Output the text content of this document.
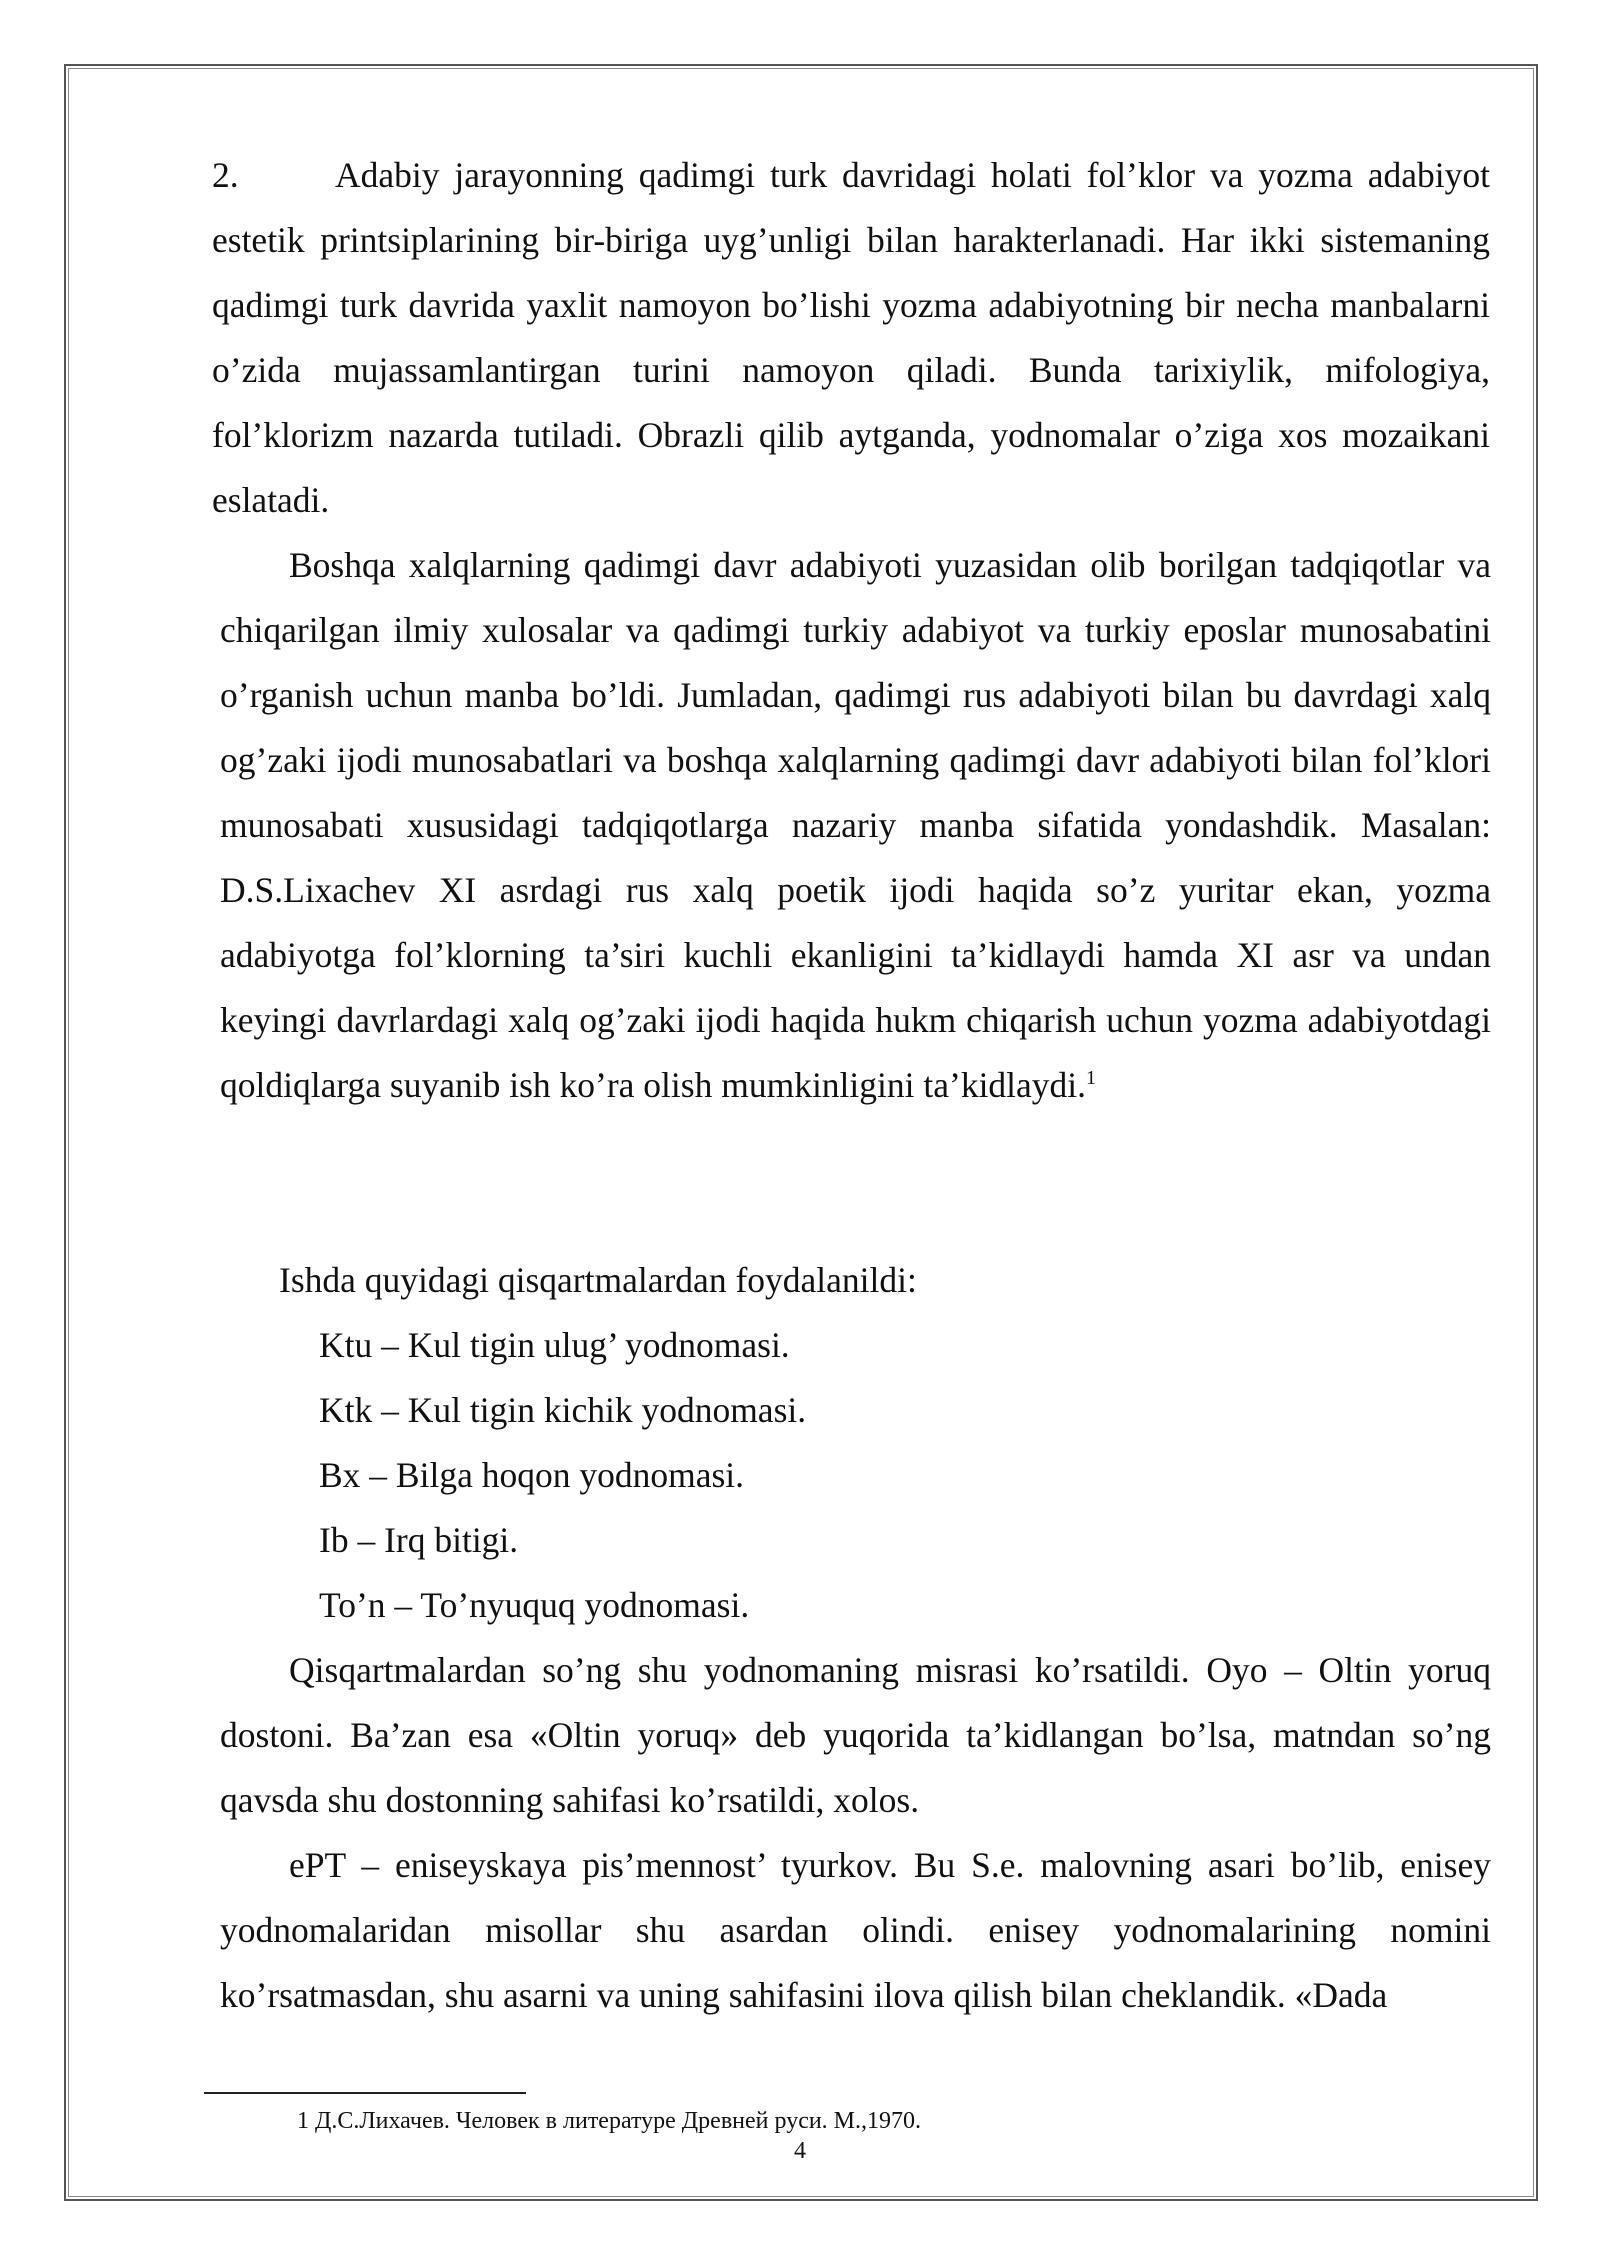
2.	Adabiy jarayonning qadimgi turk davridagi holati fol’klor va yozma adabiyot estetik printsiplarining bir-biriga uyg’unligi bilan harakterlanadi. Har ikki sistemaning qadimgi turk davrida yaxlit namoyon bo’lishi yozma adabiyotning bir necha manbalarni o’zida mujassamlantirgan turini namoyon qiladi. Bunda tarixiylik, mifologiya, fol’klorizm nazarda tutiladi. Obrazli qilib aytganda, yodnomalar o’ziga xos mozaikani eslatadi.

Boshqa xalqlarning qadimgi davr adabiyoti yuzasidan olib borilgan tadqiqotlar va chiqarilgan ilmiy xulosalar va qadimgi turkiy adabiyot va turkiy eposlar munosabatini o’rganish uchun manba bo’ldi. Jumladan, qadimgi rus adabiyoti bilan bu davrdagi xalq og’zaki ijodi munosabatlari va boshqa xalqlarning qadimgi davr adabiyoti bilan fol’klori munosabati xususidagi tadqiqotlarga nazariy manba sifatida yondashdik. Masalan: D.S.Lixachev XI asrdagi rus xalq poetik ijodi haqida so’z yuritar ekan, yozma adabiyotga fol’klorning ta’siri kuchli ekanligini ta’kidlaydi hamda XI asr va undan keyingi davrlardagi xalq og’zaki ijodi haqida hukm chiqarish uchun yozma adabiyotdagi qoldiqlarga suyanib ish ko’ra olish mumkinligini ta’kidlaydi.$^1$

Ishda quyidagi qisqartmalardan foydalanildi:

Ktu – Kul tigin ulug’ yodnomasi.
Ktk – Kul tigin kichik yodnomasi.
Bx – Bilga hoqon yodnomasi.
Ib – Irq bitigi.
To’n – To’nyuquq yodnomasi.

Qisqartmalardan so’ng shu yodnomaning misrasi ko’rsatildi. Oyo – Oltin yoruq dostoni. Ba’zan esa «Oltin yoruq» deb yuqorida ta’kidlangan bo’lsa, matndan so’ng qavsda shu dostonning sahifasi ko’rsatildi, xolos.

ePT – eniseyskaya pis’mennost’ tyurkov. Bu S.e. malovning asari bo’lib, enisey yodnomalaridan misollar shu asardan olindi. enisey yodnomalarining nomini ko’rsatmasdan, shu asarni va uning sahifasini ilova qilish bilan cheklandik. «Dada

1 Д.С.Лихачев. Человек в литературе Древней руси. М.,1970.
4
